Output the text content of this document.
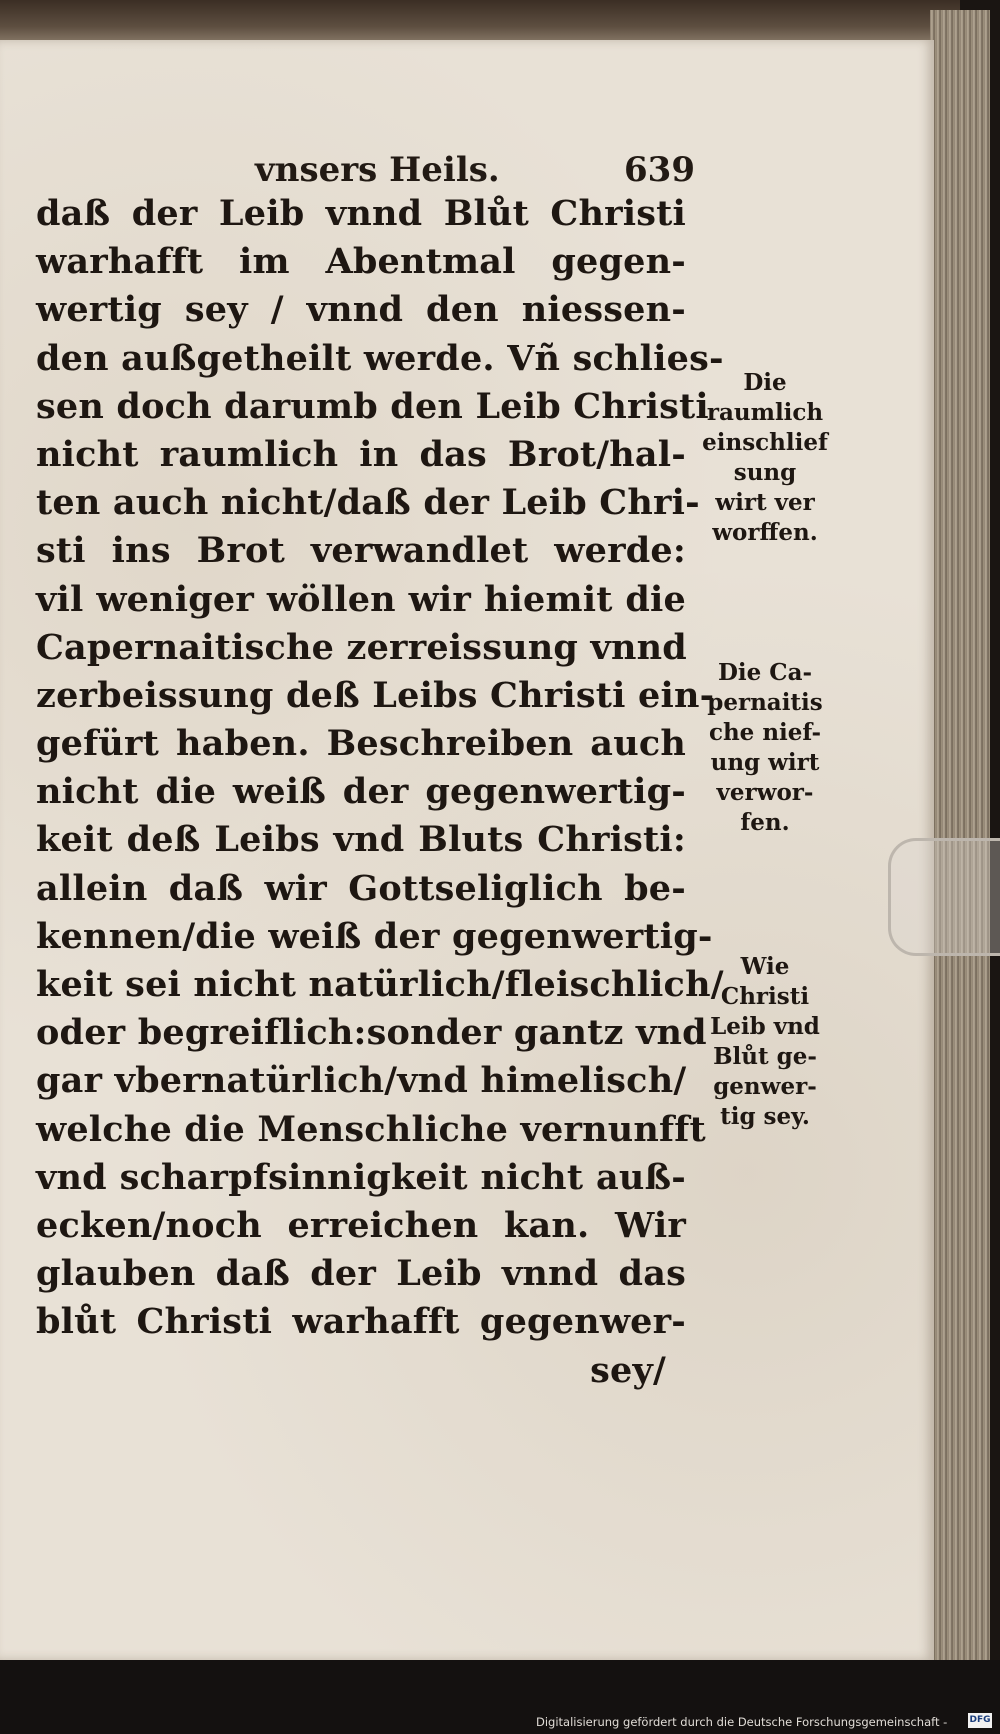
vnsers Heils.	639
daß der Leib vnnd Blůt Christi
warhafft im Abentmal gegen-
wertig sey / vnnd den niessen-
den außgetheilt werde. Vñ schlies-
sen doch darumb den Leib Christi
nicht raumlich in das Brot/hal-
ten auch nicht/daß der Leib Chri-
sti ins Brot verwandlet werde:
vil weniger wöllen wir hiemit die
Capernaitische zerreissung vnnd
zerbeissung deß Leibs Christi ein-
gefürt haben. Beschreiben auch
nicht die weiß der gegenwertig-
keit deß Leibs vnd Bluts Christi:
allein daß wir Gottseliglich be-
kennen/die weiß der gegenwertig-
keit sei nicht natürlich/fleischlich/
oder begreiflich:sonder gantz vnd
gar vbernatürlich/vnd himelisch/
welche die Menschliche vernunfft
vnd scharpfsinnigkeit nicht auß-
ecken/noch erreichen kan. Wir
glauben daß der Leib vnnd das
blůt Christi warhafft gegenwer-
sey/
Die
raumlich
einschlief
sung
wirt ver
worffen.
Die Ca-
pernaitis
che nief-
ung wirt
verwor-
fen.
Wie
Christi
Leib vnd
Blůt ge-
genwer-
tig sey.
Digitalisierung gefördert durch die Deutsche Forschungsgemeinschaft - DFG
